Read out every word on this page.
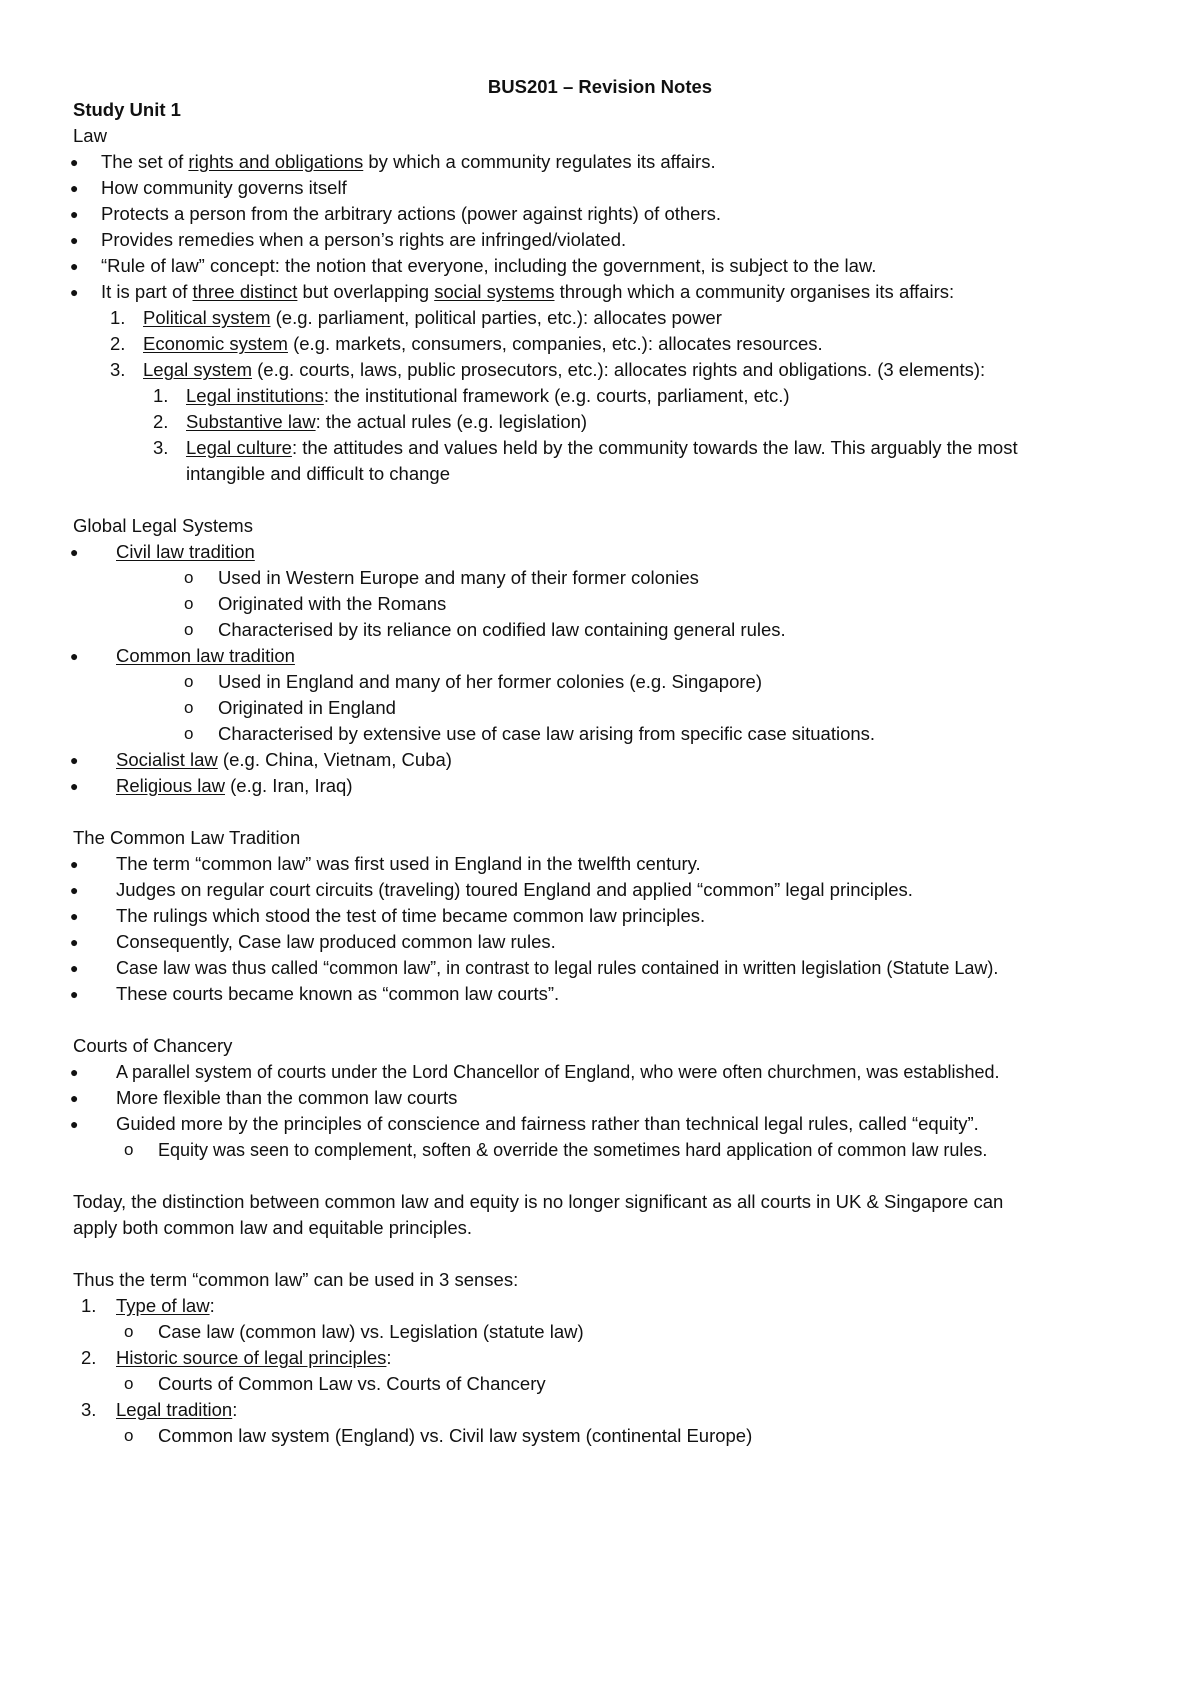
BUS201 – Revision Notes
Study Unit 1
Law
● The set of rights and obligations by which a community regulates its affairs.
● How community governs itself
● Protects a person from the arbitrary actions (power against rights) of others.
● Provides remedies when a person’s rights are infringed/violated.
● “Rule of law” concept: the notion that everyone, including the government, is subject to the law.
● It is part of three distinct but overlapping social systems through which a community organises its affairs:
1. Political system (e.g. parliament, political parties, etc.): allocates power
2. Economic system (e.g. markets, consumers, companies, etc.): allocates resources.
3. Legal system (e.g. courts, laws, public prosecutors, etc.): allocates rights and obligations. (3 elements):
1. Legal institutions: the institutional framework (e.g. courts, parliament, etc.)
2. Substantive law: the actual rules (e.g. legislation)
3. Legal culture: the attitudes and values held by the community towards the law. This arguably the most
intangible and difficult to change
Global Legal Systems
● Civil law tradition
o Used in Western Europe and many of their former colonies
o Originated with the Romans
o Characterised by its reliance on codified law containing general rules.
● Common law tradition
o Used in England and many of her former colonies (e.g. Singapore)
o Originated in England
o Characterised by extensive use of case law arising from specific case situations.
● Socialist law (e.g. China, Vietnam, Cuba)
● Religious law (e.g. Iran, Iraq)
The Common Law Tradition
● The term “common law” was first used in England in the twelfth century.
● Judges on regular court circuits (traveling) toured England and applied “common” legal principles.
● The rulings which stood the test of time became common law principles.
● Consequently, Case law produced common law rules.
● Case law was thus called “common law”, in contrast to legal rules contained in written legislation (Statute Law).
● These courts became known as “common law courts”.
Courts of Chancery
● A parallel system of courts under the Lord Chancellor of England, who were often churchmen, was established.
● More flexible than the common law courts
● Guided more by the principles of conscience and fairness rather than technical legal rules, called “equity”.
o Equity was seen to complement, soften & override the sometimes hard application of common law rules.
Today, the distinction between common law and equity is no longer significant as all courts in UK & Singapore can
apply both common law and equitable principles.
Thus the term “common law” can be used in 3 senses:
1. Type of law:
o Case law (common law) vs. Legislation (statute law)
2. Historic source of legal principles:
o Courts of Common Law vs. Courts of Chancery
3. Legal tradition:
o Common law system (England) vs. Civil law system (continental Europe)
